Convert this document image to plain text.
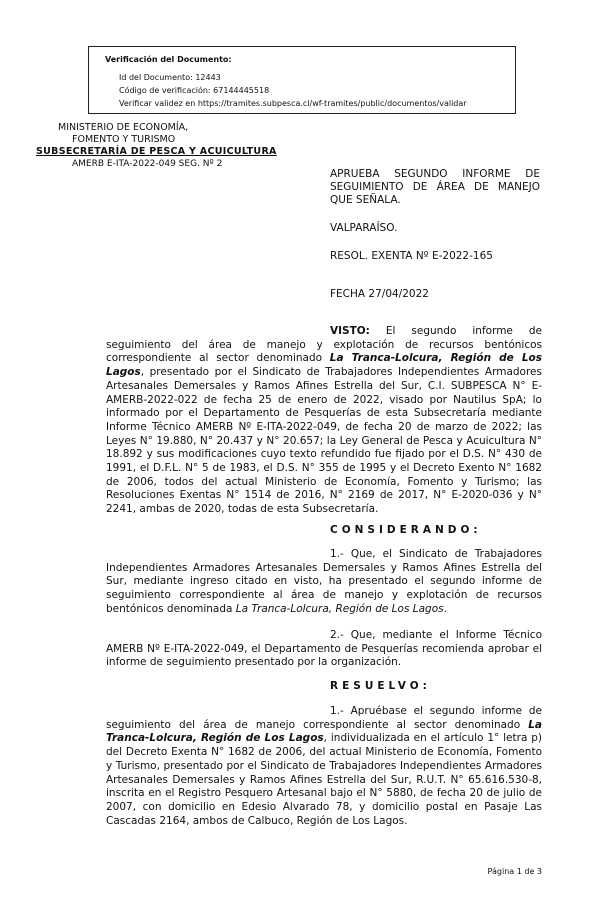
Verificación del Documento:
▸ Id del Documento: 12443
▸ Código de verificación: 67144445518
▸ Verificar validez en https://tramites.subpesca.cl/wf-tramites/public/documentos/validar
MINISTERIO DE ECONOMÍA,
FOMENTO Y TURISMO
SUBSECRETARÍA DE PESCA Y ACUICULTURA
AMERB E-ITA-2022-049 SEG. Nº 2
APRUEBA SEGUNDO INFORME DE SEGUIMIENTO DE ÁREA DE MANEJO QUE SEÑALA.
VALPARAÍSO.
RESOL. EXENTA Nº E-2022-165
FECHA 27/04/2022
VISTO: El segundo informe de seguimiento del área de manejo y explotación de recursos bentónicos correspondiente al sector denominado La Tranca-Lolcura, Región de Los Lagos, presentado por el Sindicato de Trabajadores Independientes Armadores Artesanales Demersales y Ramos Afines Estrella del Sur, C.I. SUBPESCA N° E-AMERB-2022-022 de fecha 25 de enero de 2022, visado por Nautilus SpA; lo informado por el Departamento de Pesquerías de esta Subsecretaría mediante Informe Técnico AMERB Nº E-ITA-2022-049, de fecha 20 de marzo de 2022; las Leyes N° 19.880, N° 20.437 y N° 20.657; la Ley General de Pesca y Acuicultura N° 18.892 y sus modificaciones cuyo texto refundido fue fijado por el D.S. N° 430 de 1991, el D.F.L. N° 5 de 1983, el D.S. N° 355 de 1995 y el Decreto Exento N° 1682 de 2006, todos del actual Ministerio de Economía, Fomento y Turismo; las Resoluciones Exentas N° 1514 de 2016, N° 2169 de 2017, N° E-2020-036 y N° 2241, ambas de 2020, todas de esta Subsecretaría.
CONSIDERANDO:
1.- Que, el Sindicato de Trabajadores Independientes Armadores Artesanales Demersales y Ramos Afines Estrella del Sur, mediante ingreso citado en visto, ha presentado el segundo informe de seguimiento correspondiente al área de manejo y explotación de recursos bentónicos denominada La Tranca-Lolcura, Región de Los Lagos.
2.- Que, mediante el Informe Técnico AMERB Nº E-ITA-2022-049, el Departamento de Pesquerías recomienda aprobar el informe de seguimiento presentado por la organización.
RESUELVO:
1.- Apruébase el segundo informe de seguimiento del área de manejo correspondiente al sector denominado La Tranca-Lolcura, Región de Los Lagos, individualizada en el artículo 1° letra p) del Decreto Exenta N° 1682 de 2006, del actual Ministerio de Economía, Fomento y Turismo, presentado por el Sindicato de Trabajadores Independientes Armadores Artesanales Demersales y Ramos Afines Estrella del Sur, R.U.T. N° 65.616.530-8, inscrita en el Registro Pesquero Artesanal bajo el N° 5880, de fecha 20 de julio de 2007, con domicilio en Edesio Alvarado 78, y domicilio postal en Pasaje Las Cascadas 2164, ambos de Calbuco, Región de Los Lagos.
Página 1 de 3
